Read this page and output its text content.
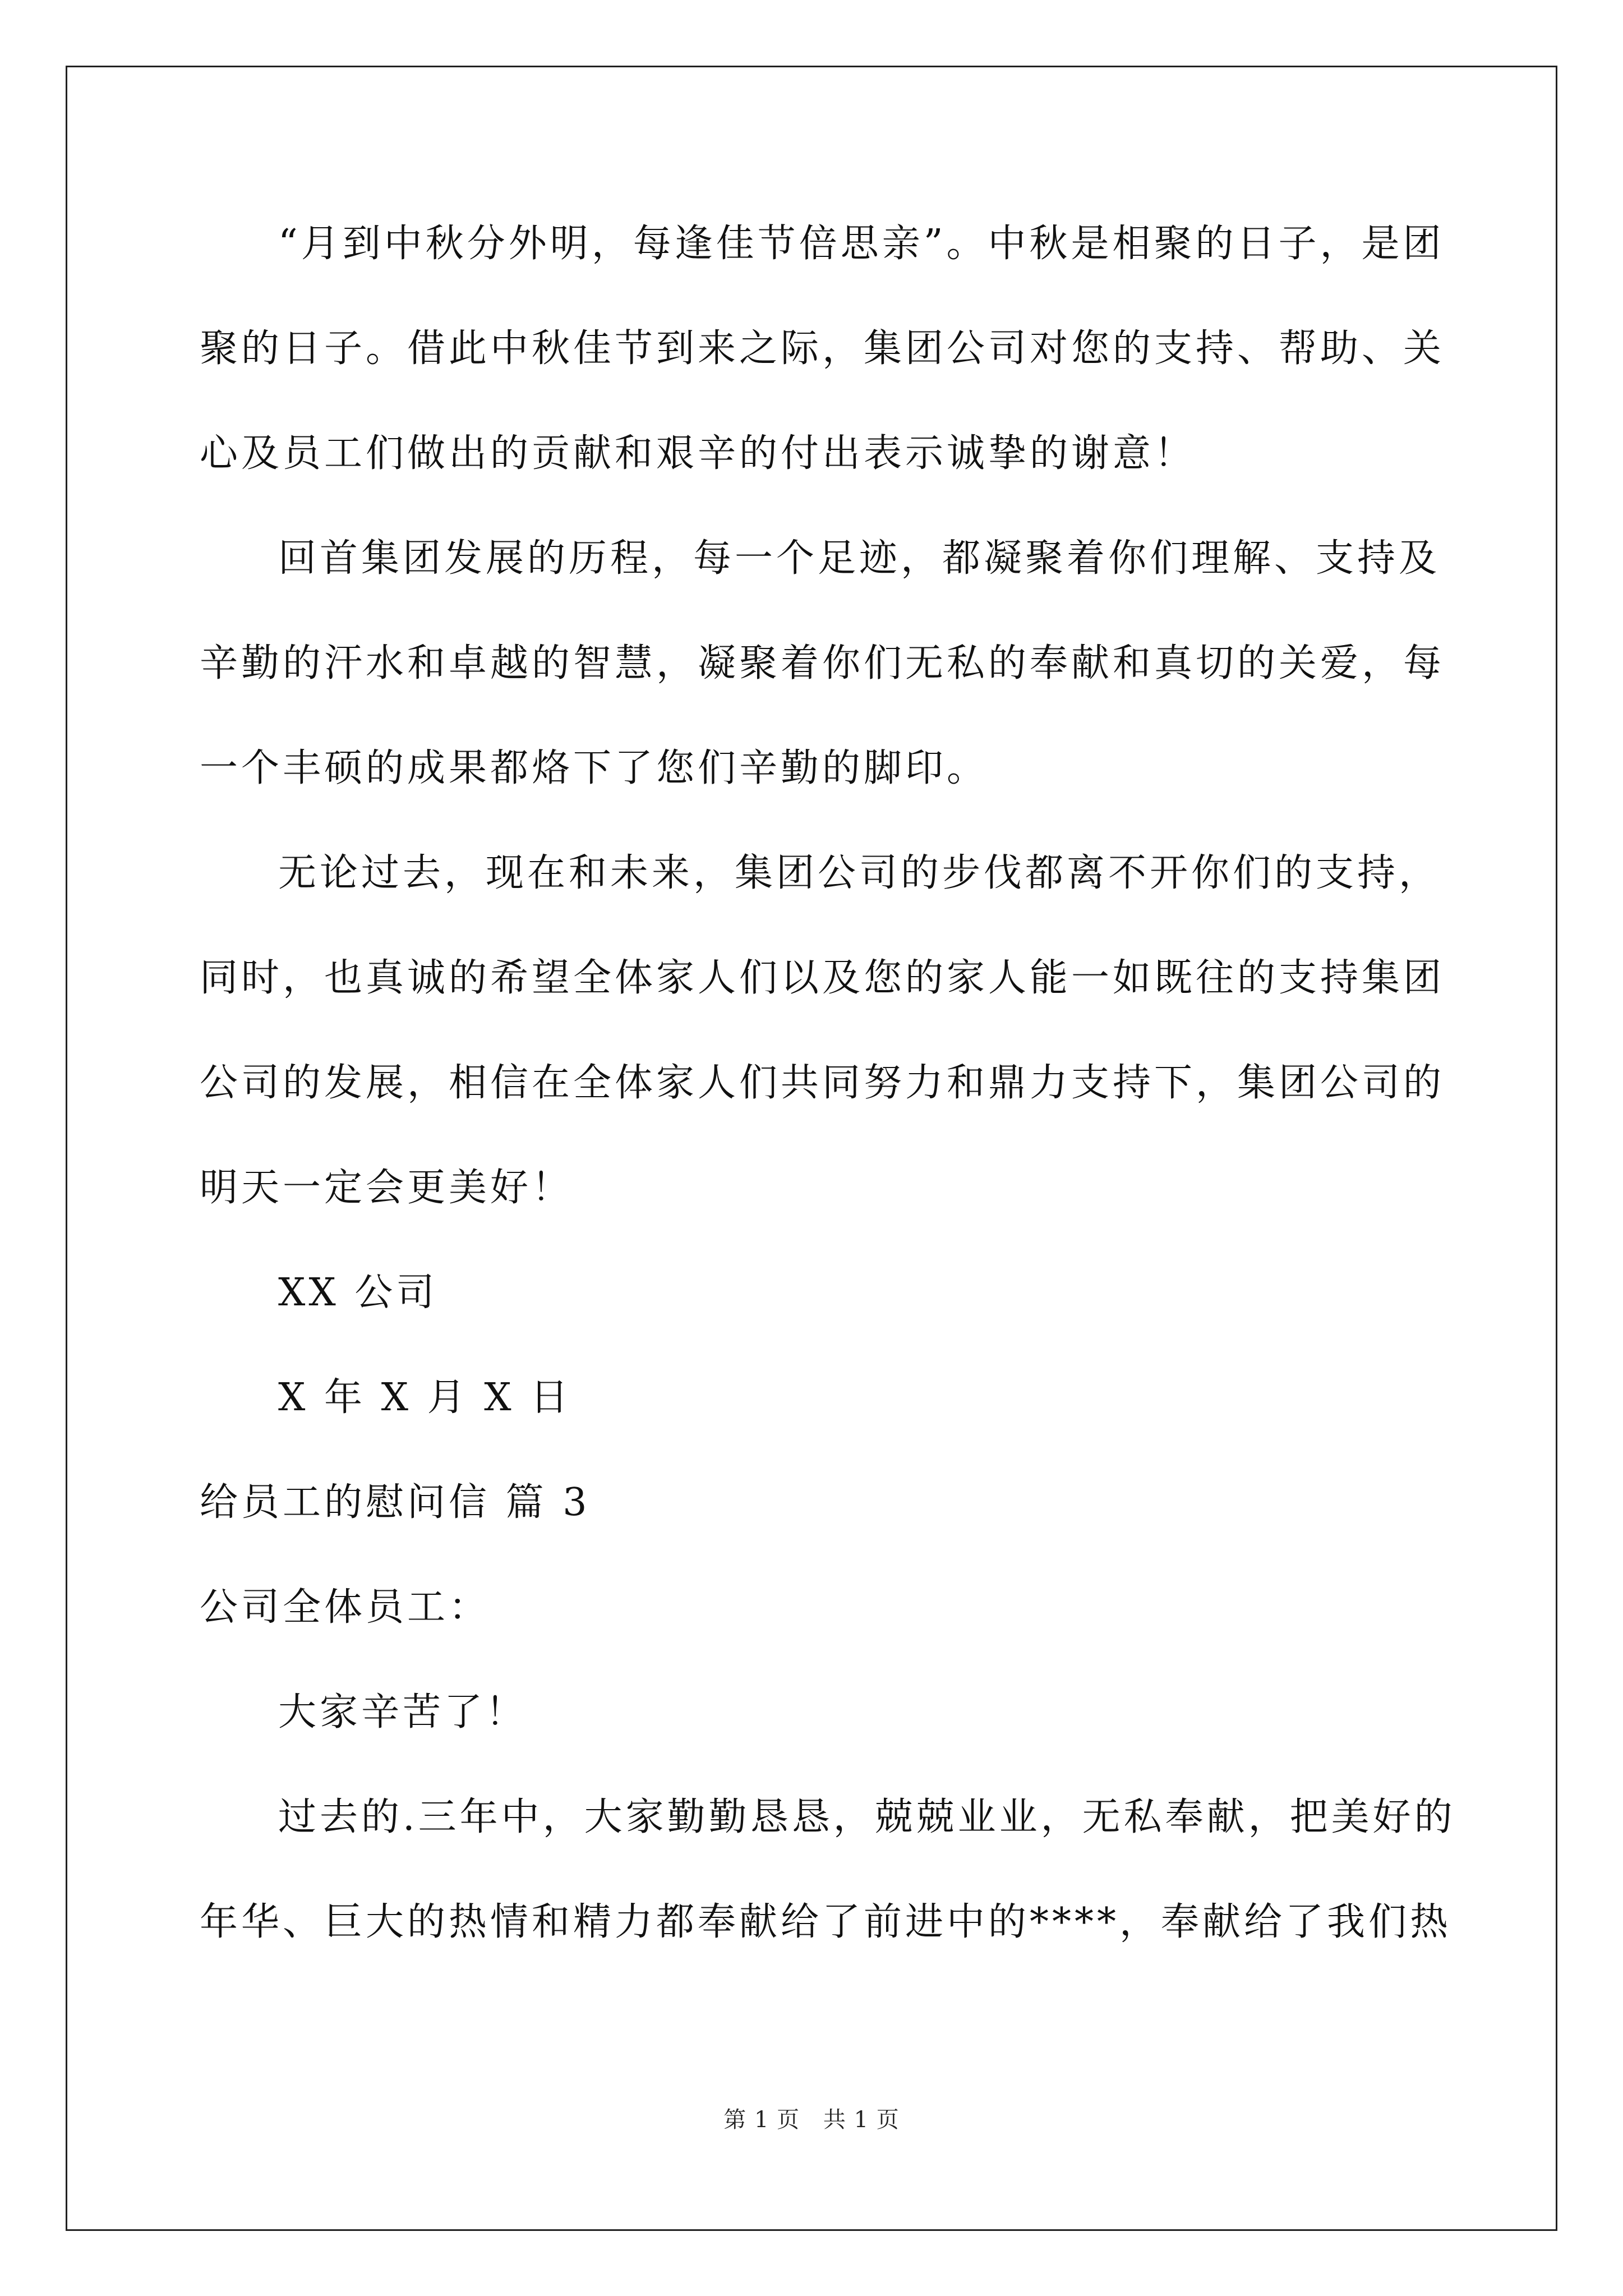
“月到中秋分外明，每逢佳节倍思亲”。中秋是相聚的日子，是团
聚的日子。借此中秋佳节到来之际，集团公司对您的支持、帮助、关
心及员工们做出的贡献和艰辛的付出表示诚挚的谢意！
回首集团发展的历程，每一个足迹，都凝聚着你们理解、支持及
辛勤的汗水和卓越的智慧，凝聚着你们无私的奉献和真切的关爱，每
一个丰硕的成果都烙下了您们辛勤的脚印。
无论过去，现在和未来，集团公司的步伐都离不开你们的支持，
同时，也真诚的希望全体家人们以及您的家人能一如既往的支持集团
公司的发展，相信在全体家人们共同努力和鼎力支持下，集团公司的
明天一定会更美好！
XX 公司
X 年 X 月 X 日
给员工的慰问信 篇 3
公司全体员工：
大家辛苦了！
过去的.三年中，大家勤勤恳恳，兢兢业业，无私奉献，把美好的
年华、巨大的热情和精力都奉献给了前进中的****，奉献给了我们热
第 1 页 共 1 页
